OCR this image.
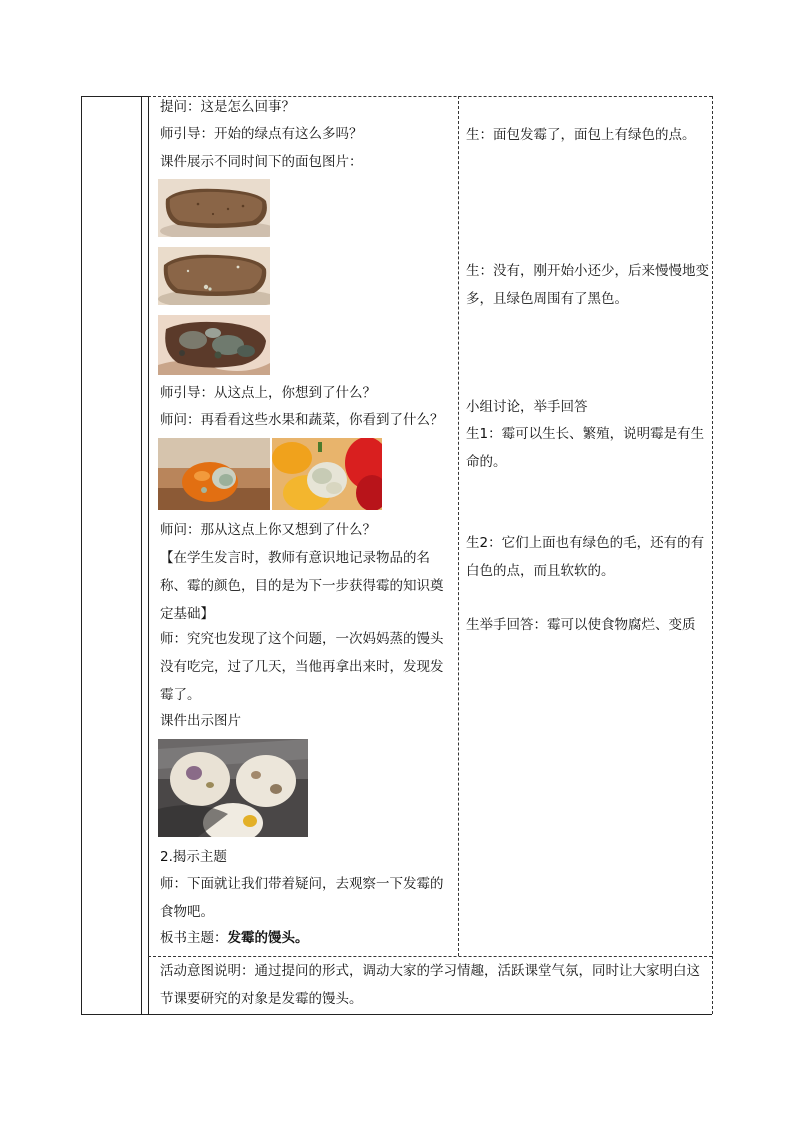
提问：这是怎么回事？
师引导：开始的绿点有这么多吗？
课件展示不同时间下的面包图片：
师引导：从这点上，你想到了什么？
师问：再看看这些水果和蔬菜，你看到了什么？
师问：那从这点上你又想到了什么？
【在学生发言时，教师有意识地记录物品的名称、霉的颜色，目的是为下一步获得霉的知识奠定基础】
师：究究也发现了这个问题，一次妈妈蒸的馒头没有吃完，过了几天，当他再拿出来时，发现发霉了。
课件出示图片
2.揭示主题
师：下面就让我们带着疑问，去观察一下发霉的食物吧。
板书主题：发霉的馒头。
生：面包发霉了，面包上有绿色的点。
生：没有，刚开始小还少，后来慢慢地变多，且绿色周围有了黑色。
小组讨论，举手回答
生1：霉可以生长、繁殖，说明霉是有生命的。
生2：它们上面也有绿色的毛，还有的有白色的点，而且软软的。
生举手回答：霉可以使食物腐烂、变质
活动意图说明：通过提问的形式，调动大家的学习情趣，活跃课堂气氛，同时让大家明白这节课要研究的对象是发霉的馒头。
